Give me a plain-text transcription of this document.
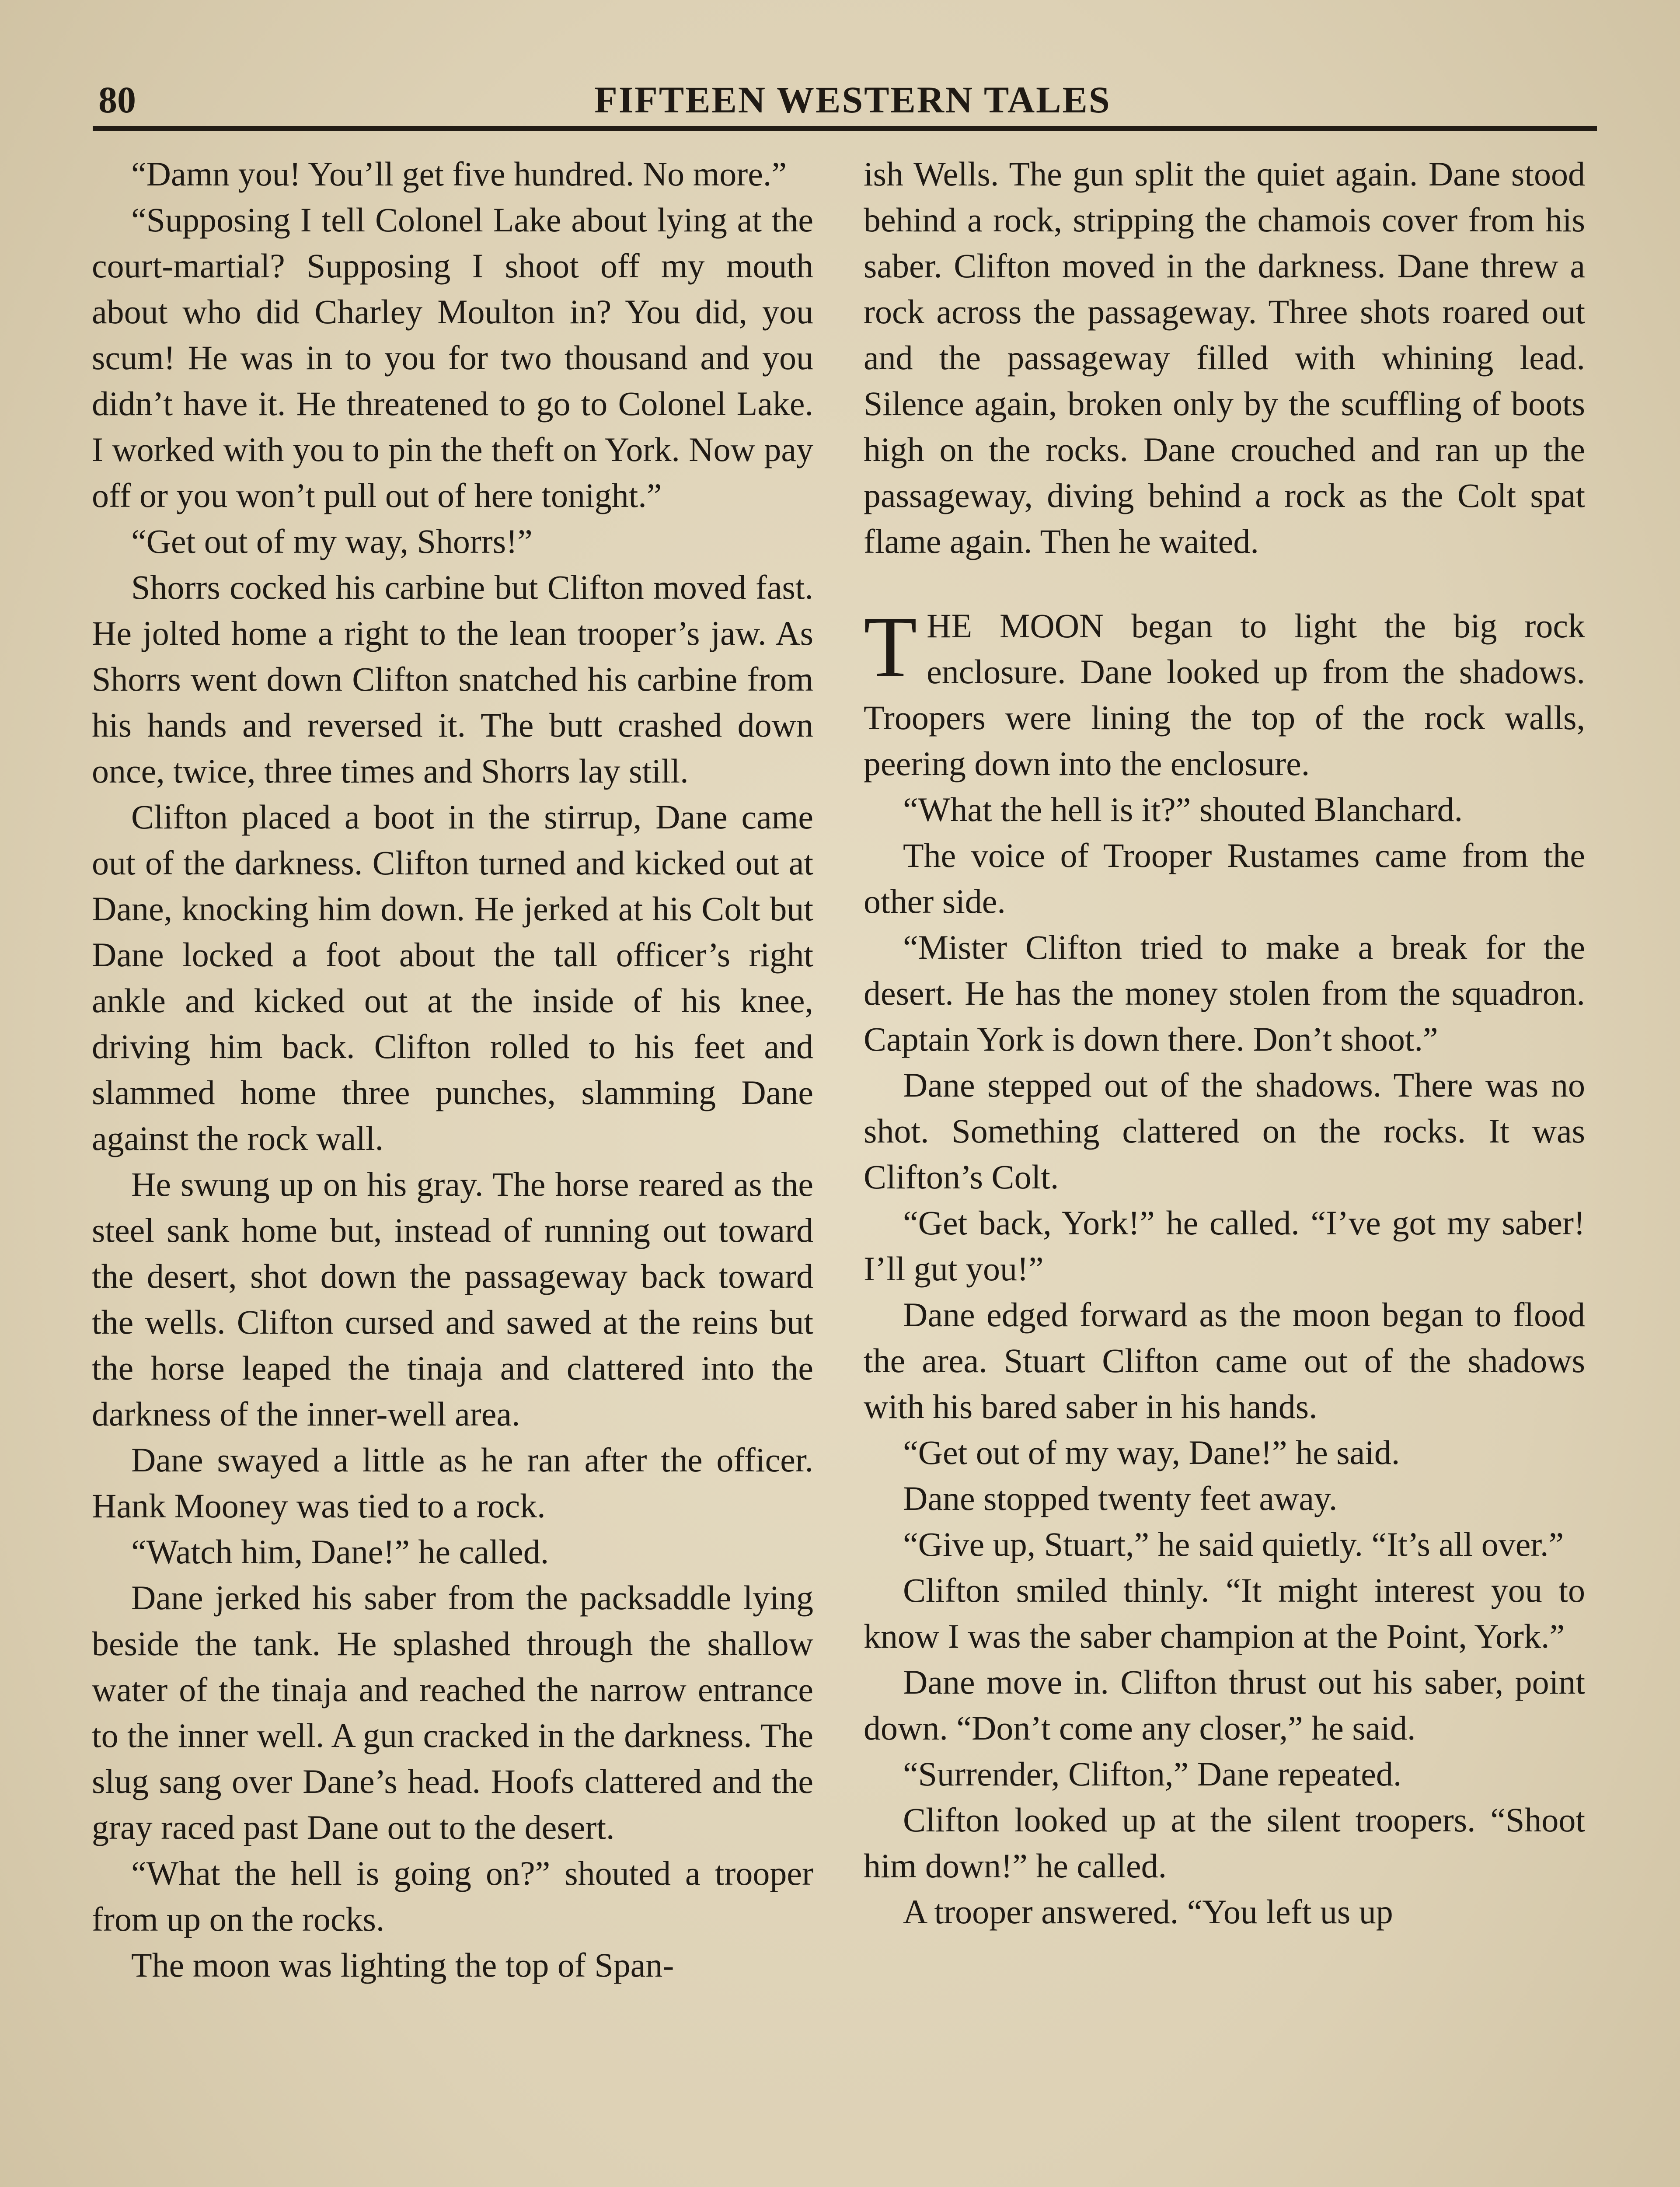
80	FIFTEEN WESTERN TALES

“Damn you! You’ll get five hundred. No more.”

“Supposing I tell Colonel Lake about lying at the court-martial? Supposing I shoot off my mouth about who did Charley Moulton in? You did, you scum! He was in to you for two thousand and you didn’t have it. He threatened to go to Colonel Lake. I worked with you to pin the theft on York. Now pay off or you won’t pull out of here tonight.”

“Get out of my way, Shorrs!”

Shorrs cocked his carbine but Clifton moved fast. He jolted home a right to the lean trooper’s jaw. As Shorrs went down Clifton snatched his carbine from his hands and reversed it. The butt crashed down once, twice, three times and Shorrs lay still.

Clifton placed a boot in the stirrup, Dane came out of the darkness. Clifton turned and kicked out at Dane, knocking him down. He jerked at his Colt but Dane locked a foot about the tall officer’s right ankle and kicked out at the inside of his knee, driving him back. Clifton rolled to his feet and slammed home three punches, slamming Dane against the rock wall.

He swung up on his gray. The horse reared as the steel sank home but, instead of running out toward the desert, shot down the passageway back toward the wells. Clifton cursed and sawed at the reins but the horse leaped the tinaja and clattered into the darkness of the inner-well area.

Dane swayed a little as he ran after the officer. Hank Mooney was tied to a rock.

“Watch him, Dane!” he called.

Dane jerked his saber from the packsaddle lying beside the tank. He splashed through the shallow water of the tinaja and reached the narrow entrance to the inner well. A gun cracked in the darkness. The slug sang over Dane’s head. Hoofs clattered and the gray raced past Dane out to the desert.

“What the hell is going on?” shouted a trooper from up on the rocks.

The moon was lighting the top of Span-

ish Wells. The gun split the quiet again. Dane stood behind a rock, stripping the chamois cover from his saber. Clifton moved in the darkness. Dane threw a rock across the passageway. Three shots roared out and the passageway filled with whining lead. Silence again, broken only by the scuffling of boots high on the rocks. Dane crouched and ran up the passageway, diving behind a rock as the Colt spat flame again. Then he waited.

T HE MOON began to light the big rock enclosure. Dane looked up from the shadows. Troopers were lining the top of the rock walls, peering down into the enclosure.

“What the hell is it?” shouted Blanchard.

The voice of Trooper Rustames came from the other side.

“Mister Clifton tried to make a break for the desert. He has the money stolen from the squadron. Captain York is down there. Don’t shoot.”

Dane stepped out of the shadows. There was no shot. Something clattered on the rocks. It was Clifton’s Colt.

“Get back, York!” he called. “I’ve got my saber! I’ll gut you!”

Dane edged forward as the moon began to flood the area. Stuart Clifton came out of the shadows with his bared saber in his hands.

“Get out of my way, Dane!” he said.

Dane stopped twenty feet away.

“Give up, Stuart,” he said quietly. “It’s all over.”

Clifton smiled thinly. “It might interest you to know I was the saber champion at the Point, York.”

Dane move in. Clifton thrust out his saber, point down. “Don’t come any closer,” he said.

“Surrender, Clifton,” Dane repeated.

Clifton looked up at the silent troopers. “Shoot him down!” he called.

A trooper answered. “You left us up
